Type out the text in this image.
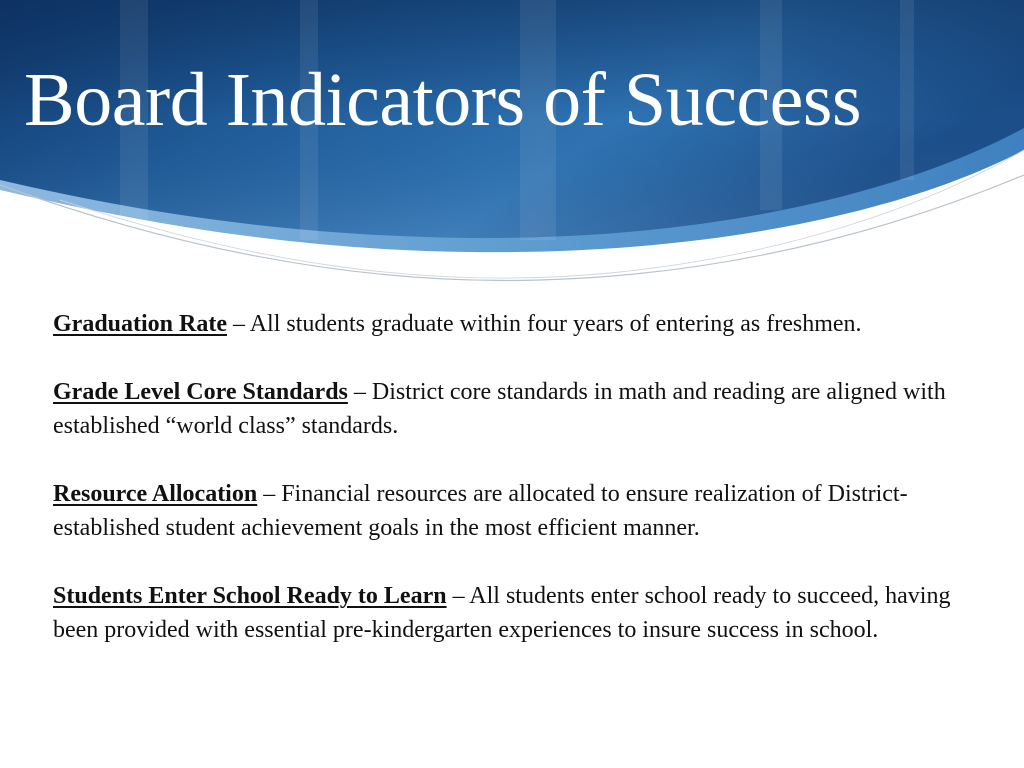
Board Indicators of Success

Graduation Rate – All students graduate within four years of entering as freshmen.

Grade Level Core Standards – District core standards in math and reading are aligned with established “world class” standards.

Resource Allocation – Financial resources are allocated to ensure realization of District-established student achievement goals in the most efficient manner.

Students Enter School Ready to Learn – All students enter school ready to succeed, having been provided with essential pre-kindergarten experiences to insure success in school.
